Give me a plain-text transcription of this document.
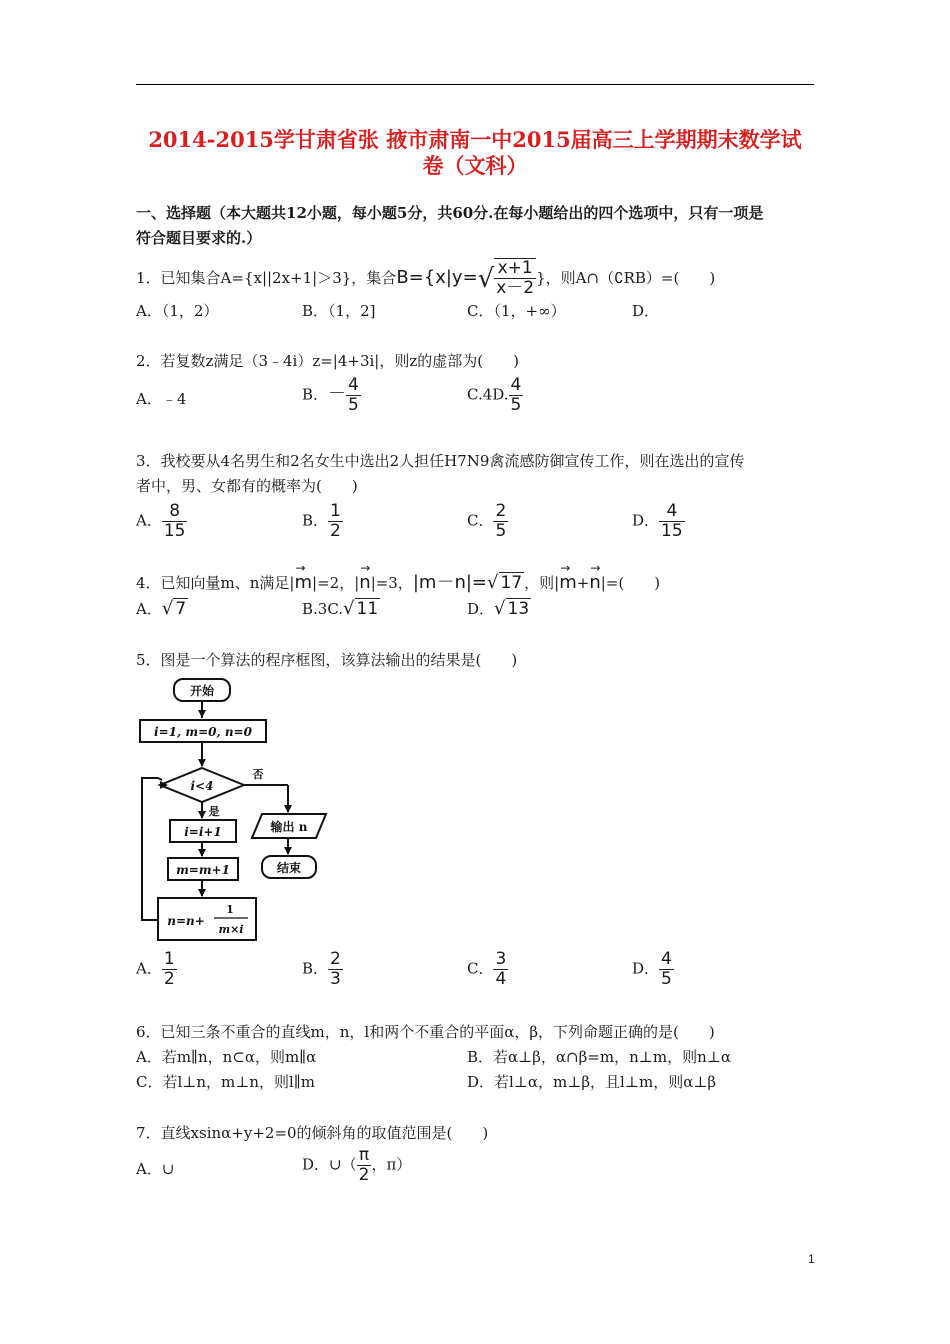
2014-2015学甘肃省张 掖市肃南一中2015届高三上学期期末数学试
卷（文科）
一、选择题（本大题共12小题，每小题5分，共60分.在每小题给出的四个选项中，只有一项是
符合题目要求的.）
1．已知集合A={x||2x+1|＞3}，集合$B=\{x|y=√ \frac{x+1}{x-2}$ }，则A∩（∁RB）=(　　)
A．（1，2）	B．（1，2]	C．（1，+∞）	D．
2．若复数z满足（3﹣4i）z=|4+3i|，则z的虚部为(　　)
A．﹣4	B．－ $\frac{4}{5}$	C.4D. $\frac{4}{5}$
3．我校要从4名男生和2名女生中选出2人担任H7N9禽流感防御宣传工作，则在选出的宣传
者中，男、女都有的概率为(　　)
A． $\frac{8}{15}$	B． $\frac{1}{2}$	C． $\frac{2}{5}$	D． $\frac{4}{15}$
4．已知向量m、n满足|
→
m|=2，|
→
n|=3，|m－n|=√ 17 ，则|
→
m+
→
n|=(　　)
A．√ 7	B.3C.√ 11	D．√ 13
5．图是一个算法的程序框图，该算法输出的结果是(　　)
开始
i=1, m=0, n=0
i<4
否
是
i=i+1
m=m+1
n=n+
1
m×i
输出 n
结束
A． $\frac{1}{2}$	B． $\frac{2}{3}$	C． $\frac{3}{4}$	D． $\frac{4}{5}$
6．已知三条不重合的直线m，n，l和两个不重合的平面α，β，下列命题正确的是(　　)
A．若m∥n，n⊂α，则m∥α	B．若α⊥β，α∩β=m，n⊥m，则n⊥α
C．若l⊥n，m⊥n，则l∥m	D．若l⊥α，m⊥β，且l⊥m，则α⊥β
7．直线xsinα+y+2=0的倾斜角的取值范围是(　　)
A．∪	D．∪（ $\frac{\pi}{2}$ ，π）
1
